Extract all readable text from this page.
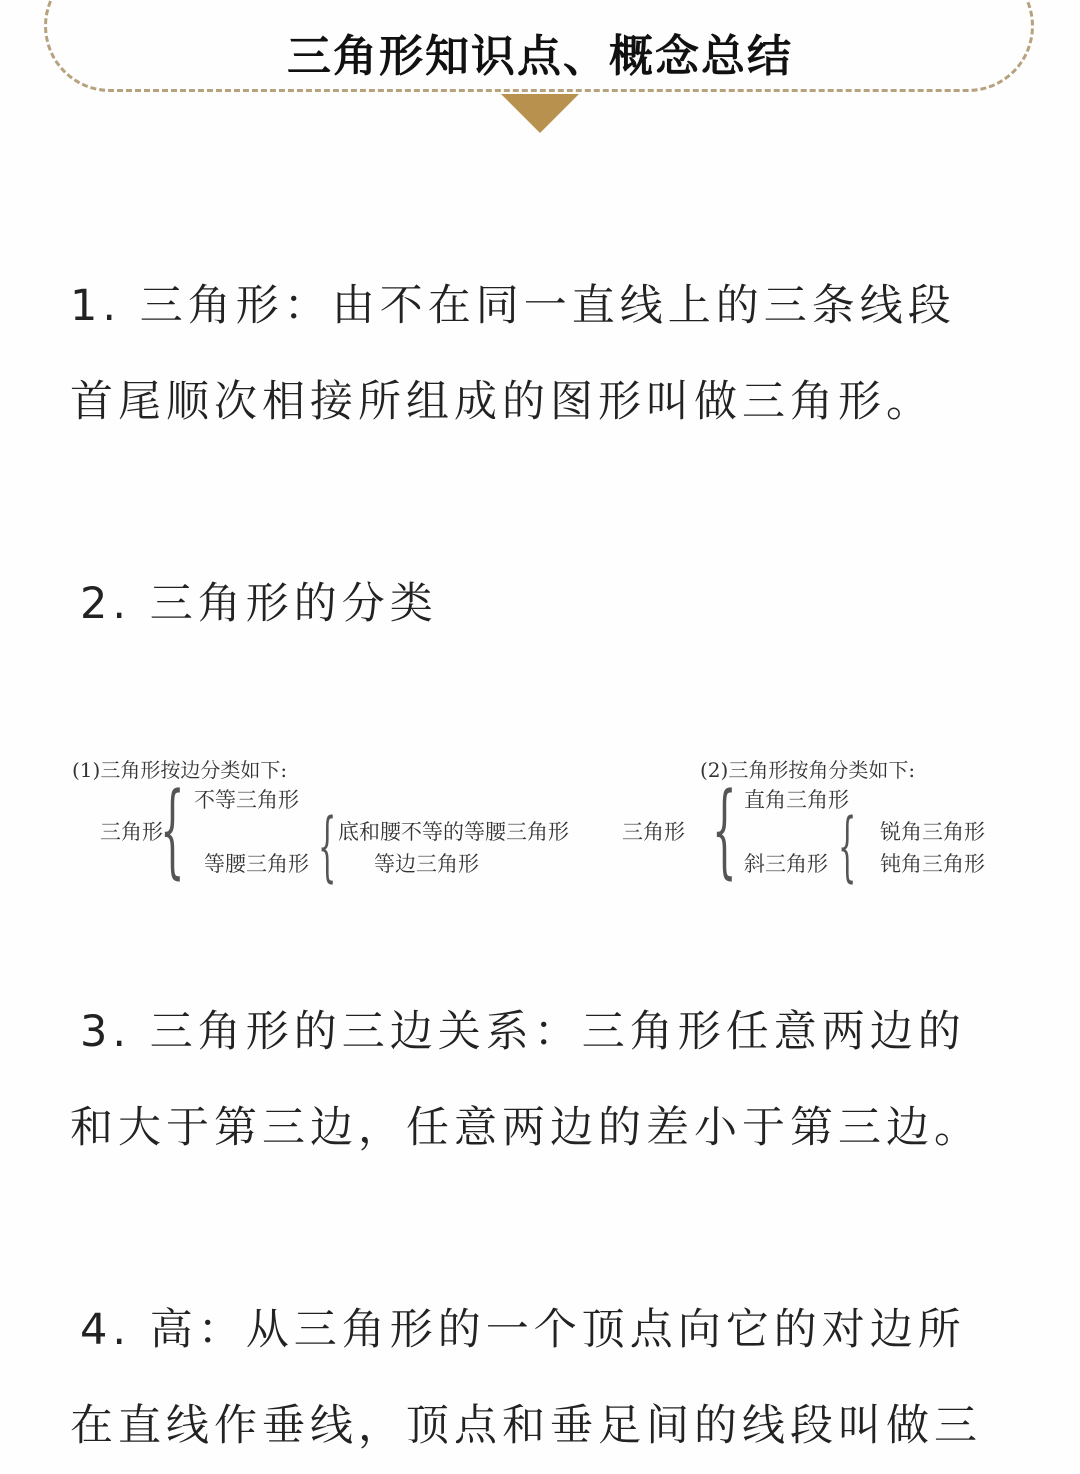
三角形知识点、概念总结

1. 三角形：由不在同一直线上的三条线段
首尾顺次相接所组成的图形叫做三角形。

2. 三角形的分类

(1)三角形按边分类如下:
三角形
{ 不等三角形
等腰三角形 { 底和腰不等的等腰三角形
等边三角形
(2)三角形按角分类如下:
三角形 { 直角三角形
斜三角形 { 锐角三角形
钝角三角形

3. 三角形的三边关系：三角形任意两边的
和大于第三边，任意两边的差小于第三边。

4. 高：从三角形的一个顶点向它的对边所
在直线作垂线，顶点和垂足间的线段叫做三
